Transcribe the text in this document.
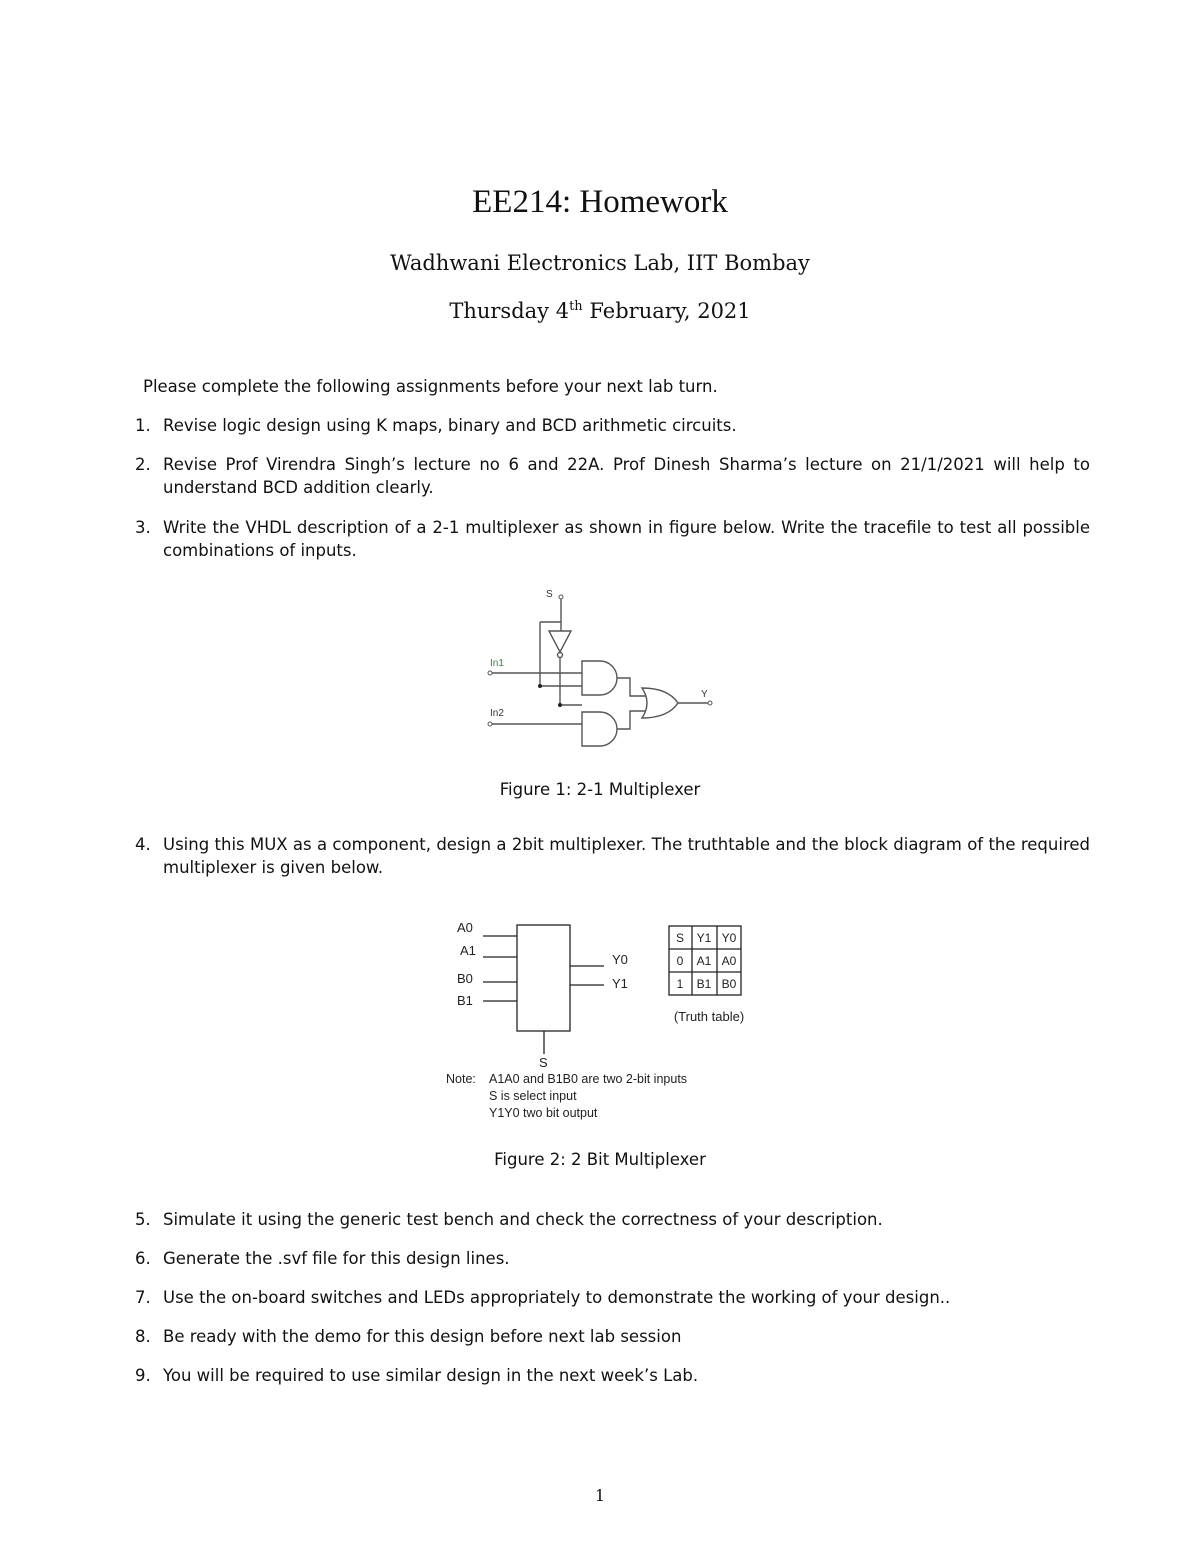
EE214: Homework
Wadhwani Electronics Lab, IIT Bombay
Thursday 4th February, 2021
Please complete the following assignments before your next lab turn.
1. Revise logic design using K maps, binary and BCD arithmetic circuits.
2. Revise Prof Virendra Singh’s lecture no 6 and 22A. Prof Dinesh Sharma’s lecture on 21/1/2021 will help to understand BCD addition clearly.
3. Write the VHDL description of a 2-1 multiplexer as shown in figure below. Write the tracefile to test all possible combinations of inputs.
S
In1
In2
Y
Figure 1: 2-1 Multiplexer
4. Using this MUX as a component, design a 2bit multiplexer. The truthtable and the block diagram of the required multiplexer is given below.
A0
A1
B0
B1
Y0
Y1
S
S Y1 Y0
0 A1 A0
1 B1 B0
(Truth table)
Note: A1A0 and B1B0 are two 2-bit inputs
S is select input
Y1Y0 two bit output
Figure 2: 2 Bit Multiplexer
5. Simulate it using the generic test bench and check the correctness of your description.
6. Generate the .svf file for this design lines.
7. Use the on-board switches and LEDs appropriately to demonstrate the working of your design..
8. Be ready with the demo for this design before next lab session
9. You will be required to use similar design in the next week’s Lab.
1
